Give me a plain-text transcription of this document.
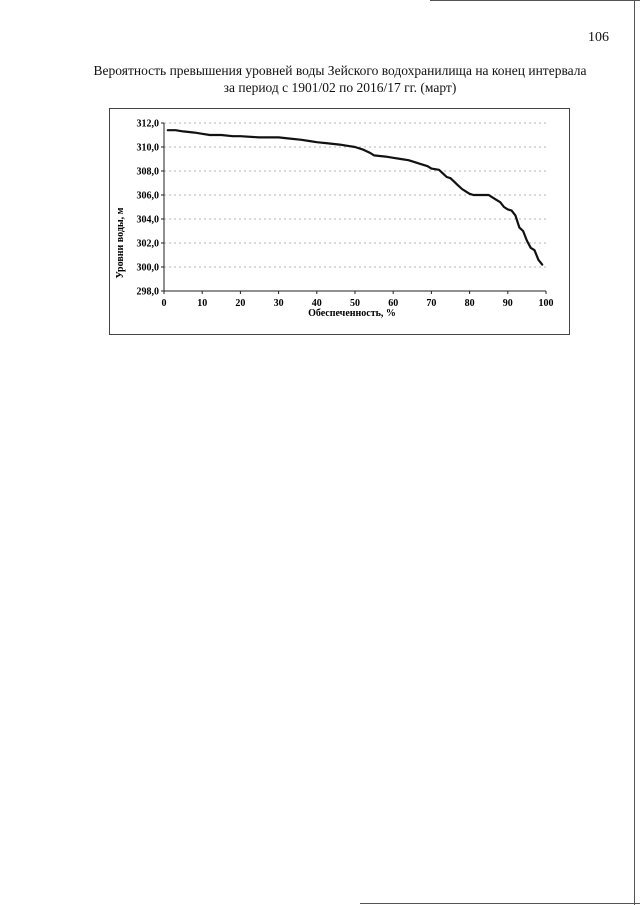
106
Вероятность превышения уровней воды Зейского водохранилища на конец интервала
за период с 1901/02 по 2016/17 гг. (март)
312,0
310,0
308,0
306,0
304,0
302,0
300,0
298,0
0	10	20	30	40	50	60	70	80	90	100
Обеспеченность, %
Уровни воды, м
